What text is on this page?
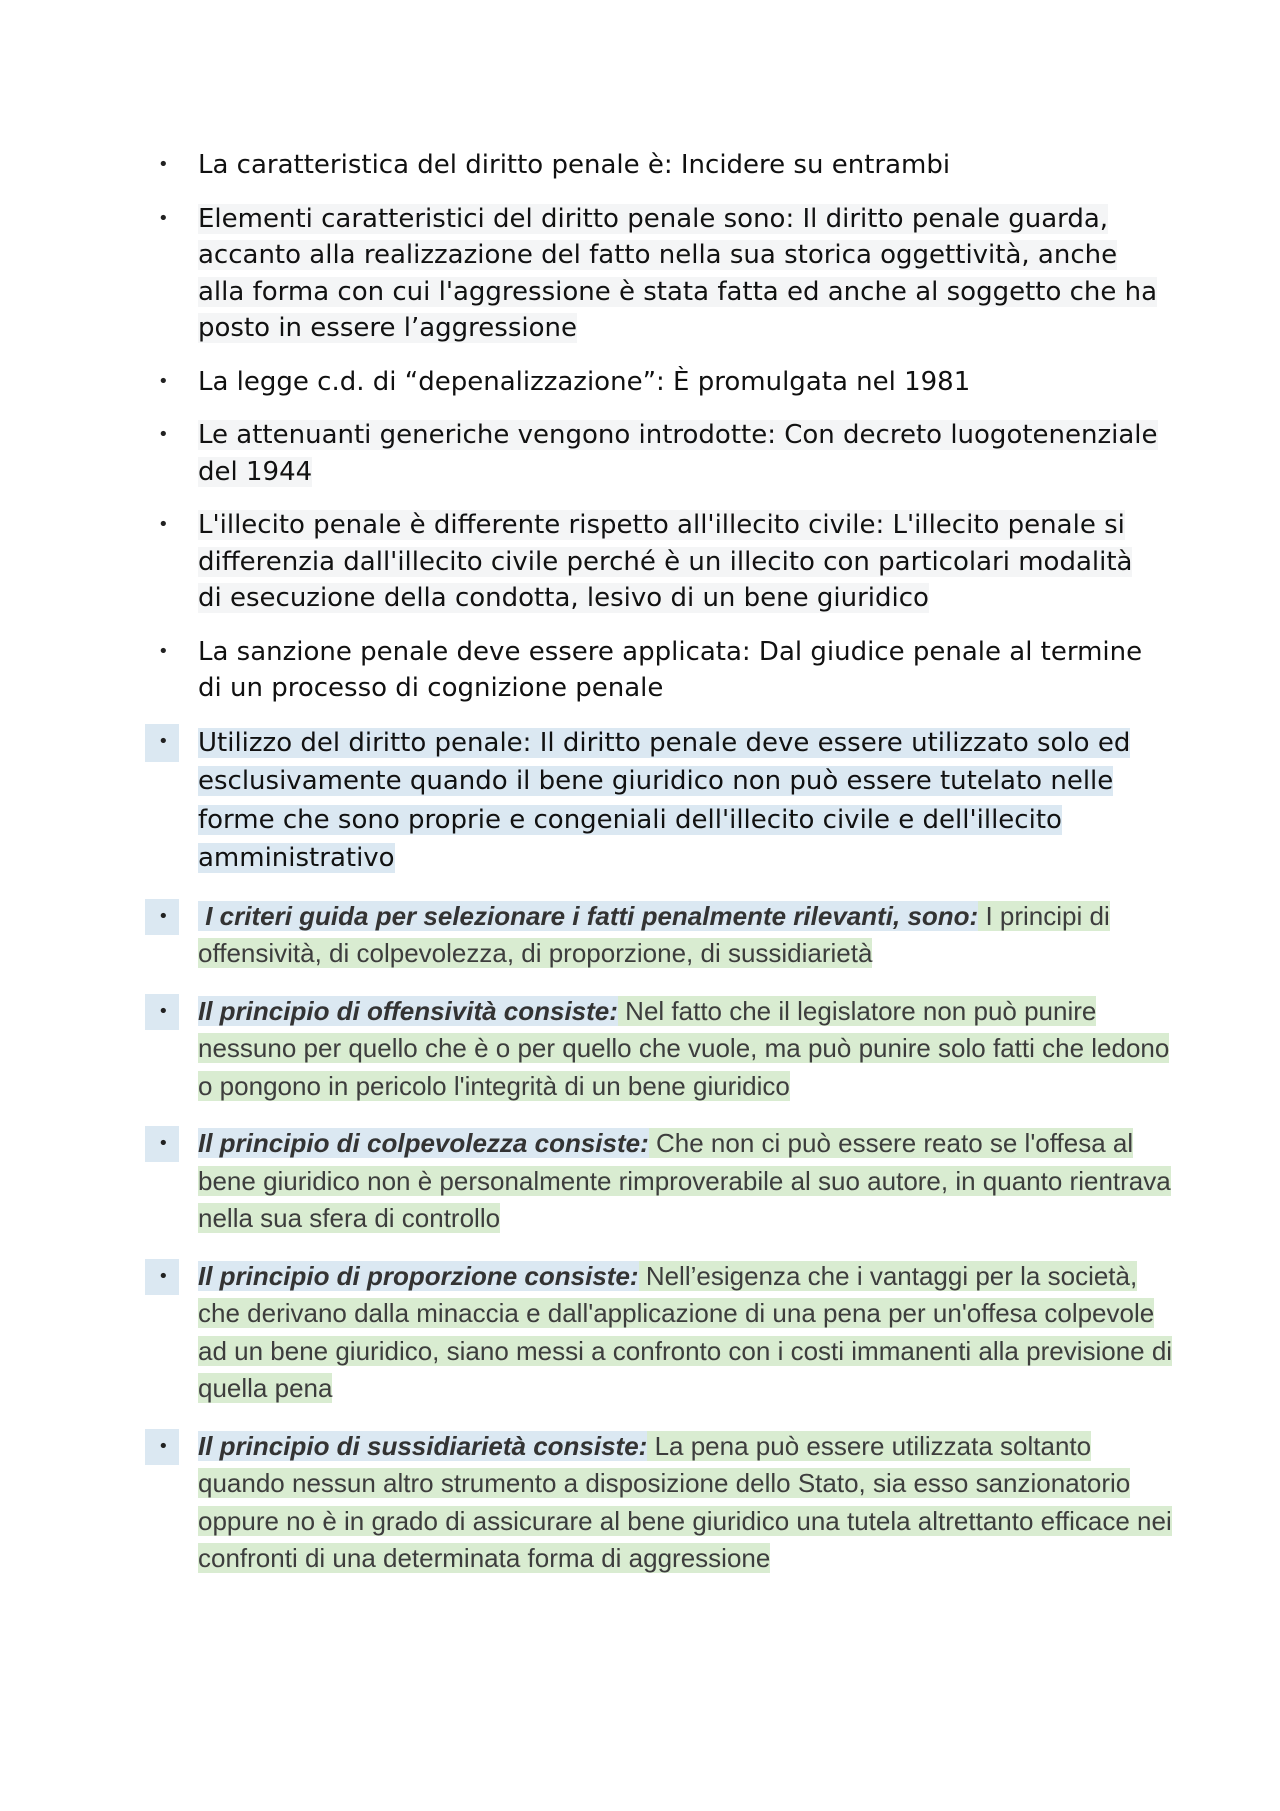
• La caratteristica del diritto penale è: Incidere su entrambi
• Elementi caratteristici del diritto penale sono: Il diritto penale guarda, accanto alla realizzazione del fatto nella sua storica oggettività, anche alla forma con cui l'aggressione è stata fatta ed anche al soggetto che ha posto in essere l’aggressione
• La legge c.d. di “depenalizzazione”: È promulgata nel 1981
• Le attenuanti generiche vengono introdotte: Con decreto luogotenenziale del 1944
• L'illecito penale è differente rispetto all'illecito civile: L'illecito penale si differenzia dall'illecito civile perché è un illecito con particolari modalità di esecuzione della condotta, lesivo di un bene giuridico
• La sanzione penale deve essere applicata: Dal giudice penale al termine di un processo di cognizione penale
• Utilizzo del diritto penale: Il diritto penale deve essere utilizzato solo ed esclusivamente quando il bene giuridico non può essere tutelato nelle forme che sono proprie e congeniali dell'illecito civile e dell'illecito amministrativo
• I criteri guida per selezionare i fatti penalmente rilevanti, sono: I principi di offensività, di colpevolezza, di proporzione, di sussidiarietà
• Il principio di offensività consiste: Nel fatto che il legislatore non può punire nessuno per quello che è o per quello che vuole, ma può punire solo fatti che ledono o pongono in pericolo l'integrità di un bene giuridico
• Il principio di colpevolezza consiste: Che non ci può essere reato se l'offesa al bene giuridico non è personalmente rimproverabile al suo autore, in quanto rientrava nella sua sfera di controllo
• Il principio di proporzione consiste: Nell’esigenza che i vantaggi per la società, che derivano dalla minaccia e dall'applicazione di una pena per un'offesa colpevole ad un bene giuridico, siano messi a confronto con i costi immanenti alla previsione di quella pena
• Il principio di sussidiarietà consiste: La pena può essere utilizzata soltanto quando nessun altro strumento a disposizione dello Stato, sia esso sanzionatorio oppure no è in grado di assicurare al bene giuridico una tutela altrettanto efficace nei confronti di una determinata forma di aggressione
